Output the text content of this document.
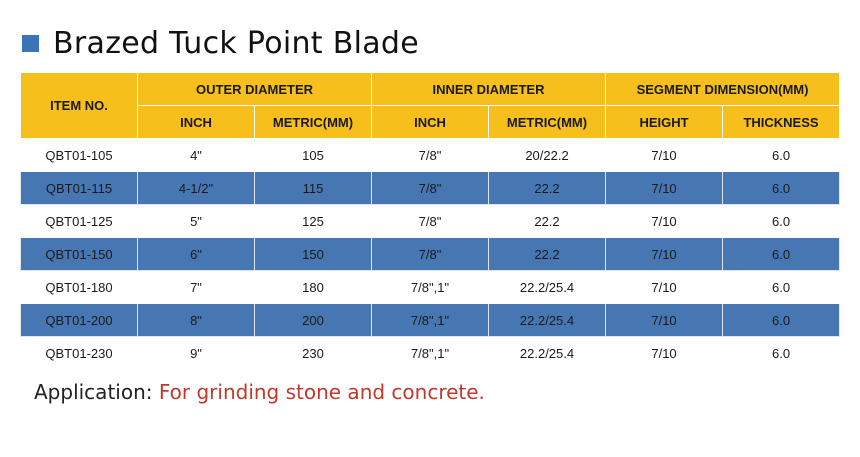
Brazed Tuck Point Blade
ITEM NO.	OUTER DIAMETER		INNER DIAMETER		SEGMENT DIMENSION(MM)	
	INCH	METRIC(MM)	INCH	METRIC(MM)	HEIGHT	THICKNESS
QBT01-105	4"	105	7/8"	20/22.2	7/10	6.0
QBT01-115	4-1/2"	115	7/8"	22.2	7/10	6.0
QBT01-125	5"	125	7/8"	22.2	7/10	6.0
QBT01-150	6"	150	7/8"	22.2	7/10	6.0
QBT01-180	7"	180	7/8",1"	22.2/25.4	7/10	6.0
QBT01-200	8"	200	7/8",1"	22.2/25.4	7/10	6.0
QBT01-230	9"	230	7/8",1"	22.2/25.4	7/10	6.0
Application: For grinding stone and concrete.
